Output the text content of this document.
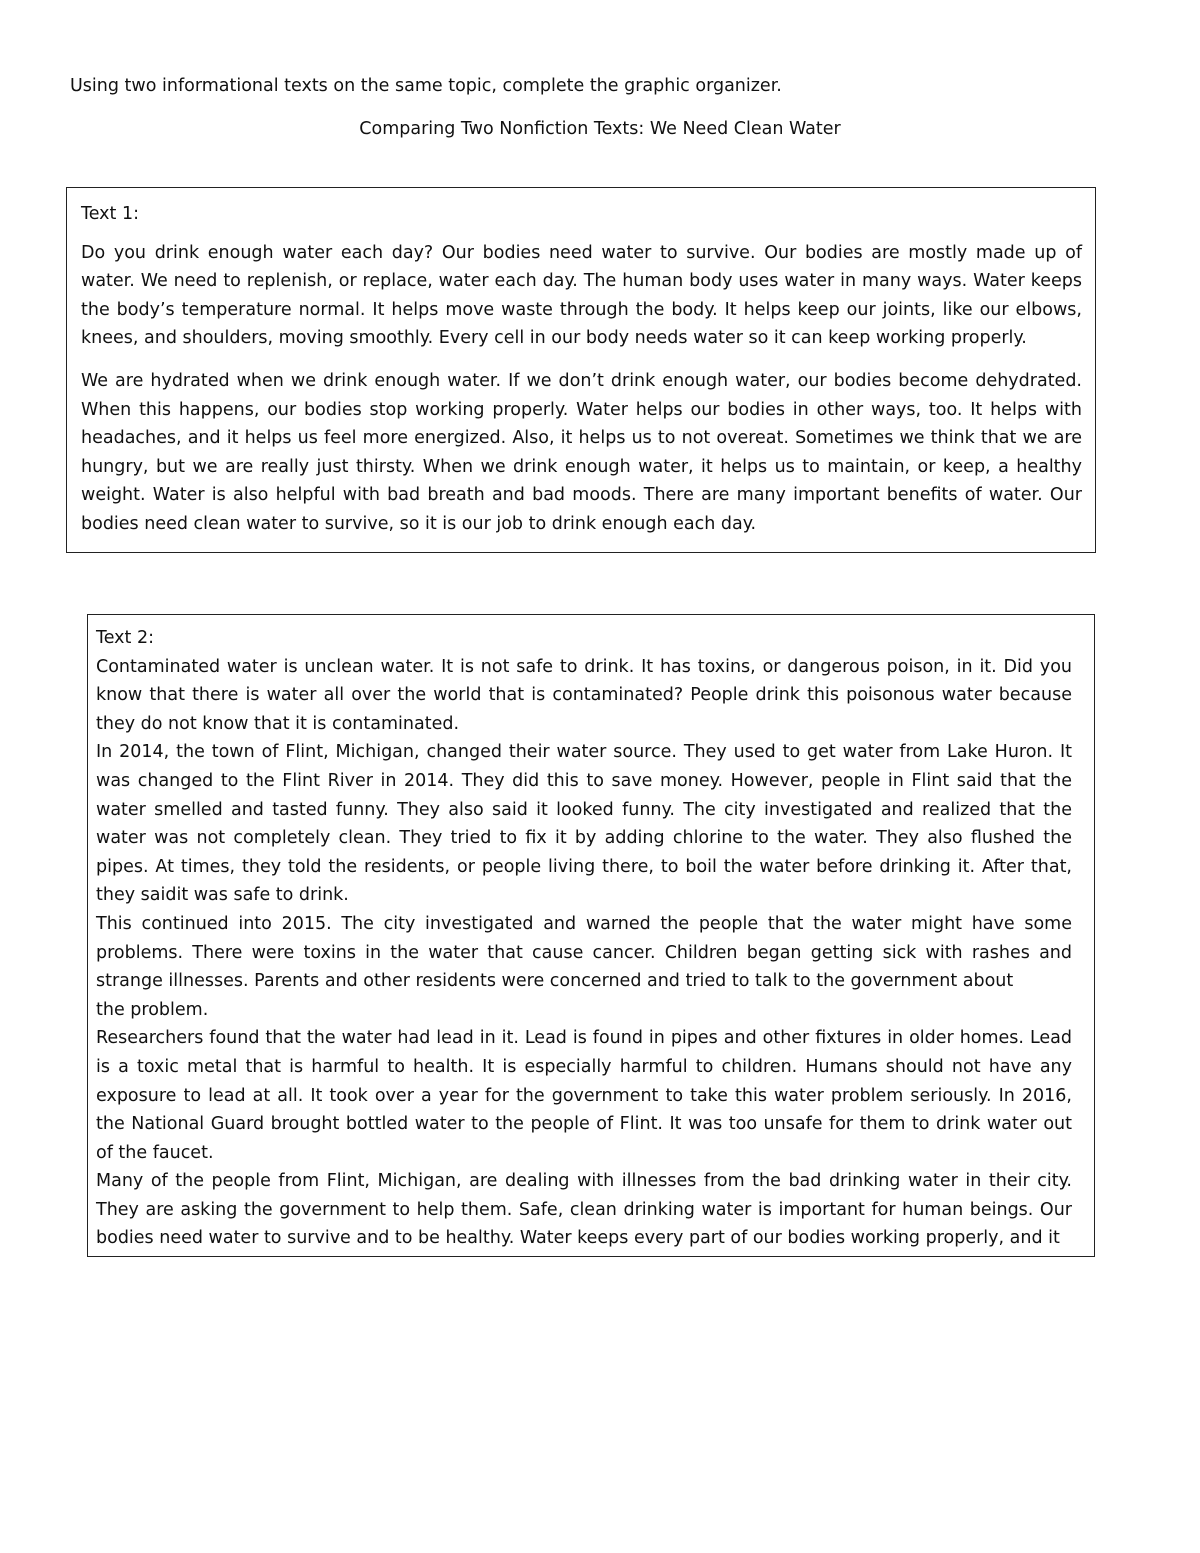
Using two informational texts on the same topic, complete the graphic organizer.

Comparing Two Nonfiction Texts: We Need Clean Water

Text 1:

Do you drink enough water each day? Our bodies need water to survive. Our bodies are mostly made up of water. We need to replenish, or replace, water each day. The human body uses water in many ways. Water keeps the body’s temperature normal. It helps move waste through the body. It helps keep our joints, like our elbows, knees, and shoulders, moving smoothly. Every cell in our body needs water so it can keep working properly.

We are hydrated when we drink enough water. If we don’t drink enough water, our bodies become dehydrated. When this happens, our bodies stop working properly. Water helps our bodies in other ways, too. It helps with headaches, and it helps us feel more energized. Also, it helps us to not overeat. Sometimes we think that we are hungry, but we are really just thirsty. When we drink enough water, it helps us to maintain, or keep, a healthy weight. Water is also helpful with bad breath and bad moods. There are many important benefits of water. Our bodies need clean water to survive, so it is our job to drink enough each day.

Text 2:

Contaminated water is unclean water. It is not safe to drink. It has toxins, or dangerous poison, in it. Did you know that there is water all over the world that is contaminated? People drink this poisonous water because they do not know that it is contaminated.

In 2014, the town of Flint, Michigan, changed their water source. They used to get water from Lake Huron. It was changed to the Flint River in 2014. They did this to save money. However, people in Flint said that the water smelled and tasted funny. They also said it looked funny. The city investigated and realized that the water was not completely clean. They tried to fix it by adding chlorine to the water. They also flushed the pipes. At times, they told the residents, or people living there, to boil the water before drinking it. After that, they saidit was safe to drink.

This continued into 2015. The city investigated and warned the people that the water might have some problems. There were toxins in the water that cause cancer. Children began getting sick with rashes and strange illnesses. Parents and other residents were concerned and tried to talk to the government about

the problem.

Researchers found that the water had lead in it. Lead is found in pipes and other fixtures in older homes. Lead is a toxic metal that is harmful to health. It is especially harmful to children. Humans should not have any exposure to lead at all. It took over a year for the government to take this water problem seriously. In 2016, the National Guard brought bottled water to the people of Flint. It was too unsafe for them to drink water out of the faucet.

Many of the people from Flint, Michigan, are dealing with illnesses from the bad drinking water in their city. They are asking the government to help them. Safe, clean drinking water is important for human beings. Our bodies need water to survive and to be healthy. Water keeps every part of our bodies working properly, and it
